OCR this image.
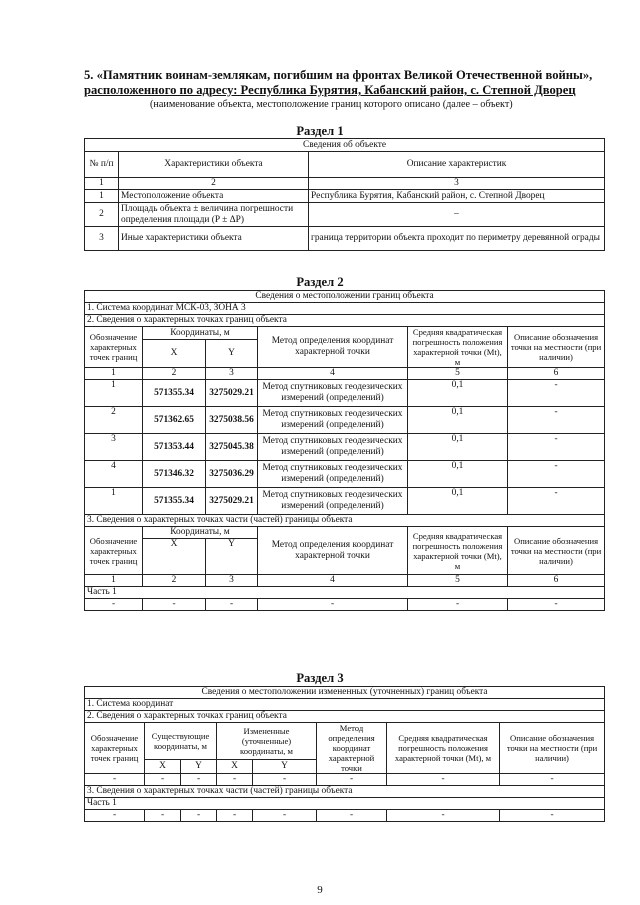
5. «Памятник воинам-землякам, погибшим на фронтах Великой Отечественной войны»,
расположенного по адресу: Республика Бурятия, Кабанский район, с. Степной Дворец
(наименование объекта, местоположение границ которого описано (далее – объект)
Раздел 1
Сведения об объекте		
№ п/п	Характеристики объекта	Описание характеристик
1	2	3
1	Местоположение объекта	Республика Бурятия, Кабанский район, с. Степной Дворец
2	Площадь объекта ± величина погрешности определения площади (P ± ΔP)	–
3	Иные характеристики объекта	граница территории объекта проходит по периметру деревянной ограды
Раздел 2
Сведения о местоположении границ объекта					
1. Система координат МСК-03, ЗОНА 3					
2. Сведения о характерных точках границ объекта					
Обозначение характерных точек границ	Координаты, м		Метод определения координат характерной точки	Средняя квадратическая погрешность положения характерной точки (Mt), м	Описание обозначения точки на местности (при наличии)
	X	Y			
1	2	3	4	5	6
1	571355.34	3275029.21	Метод спутниковых геодезических измерений (определений)	0,1	-
2	571362.65	3275038.56	Метод спутниковых геодезических измерений (определений)	0,1	-
3	571353.44	3275045.38	Метод спутниковых геодезических измерений (определений)	0,1	-
4	571346.32	3275036.29	Метод спутниковых геодезических измерений (определений)	0,1	-
1	571355.34	3275029.21	Метод спутниковых геодезических измерений (определений)	0,1	-
3. Сведения о характерных точках части (частей) границы объекта					
Обозначение характерных точек границ	Координаты, м		Метод определения координат характерной точки	Средняя квадратическая погрешность положения характерной точки (Mt), м	Описание обозначения точки на местности (при наличии)
	X	Y			
1	2	3	4	5	6
Часть 1					
-	-	-	-	-	-
Раздел 3
Сведения о местоположении измененных (уточненных) границ объекта							
1. Система координат							
2. Сведения о характерных точках границ объекта							
Обозначение характерных точек границ	Существующие координаты, м		Измененные (уточненные) координаты, м		Метод определения координат характерной точки	Средняя квадратическая погрешность положения характерной точки (Mt), м	Описание обозначения точки на местности (при наличии)
	X	Y	X	Y			
-	-	-	-	-	-	-	-
3. Сведения о характерных точках части (частей) границы объекта							
Часть 1							
-	-	-	-	-	-	-	-
9
